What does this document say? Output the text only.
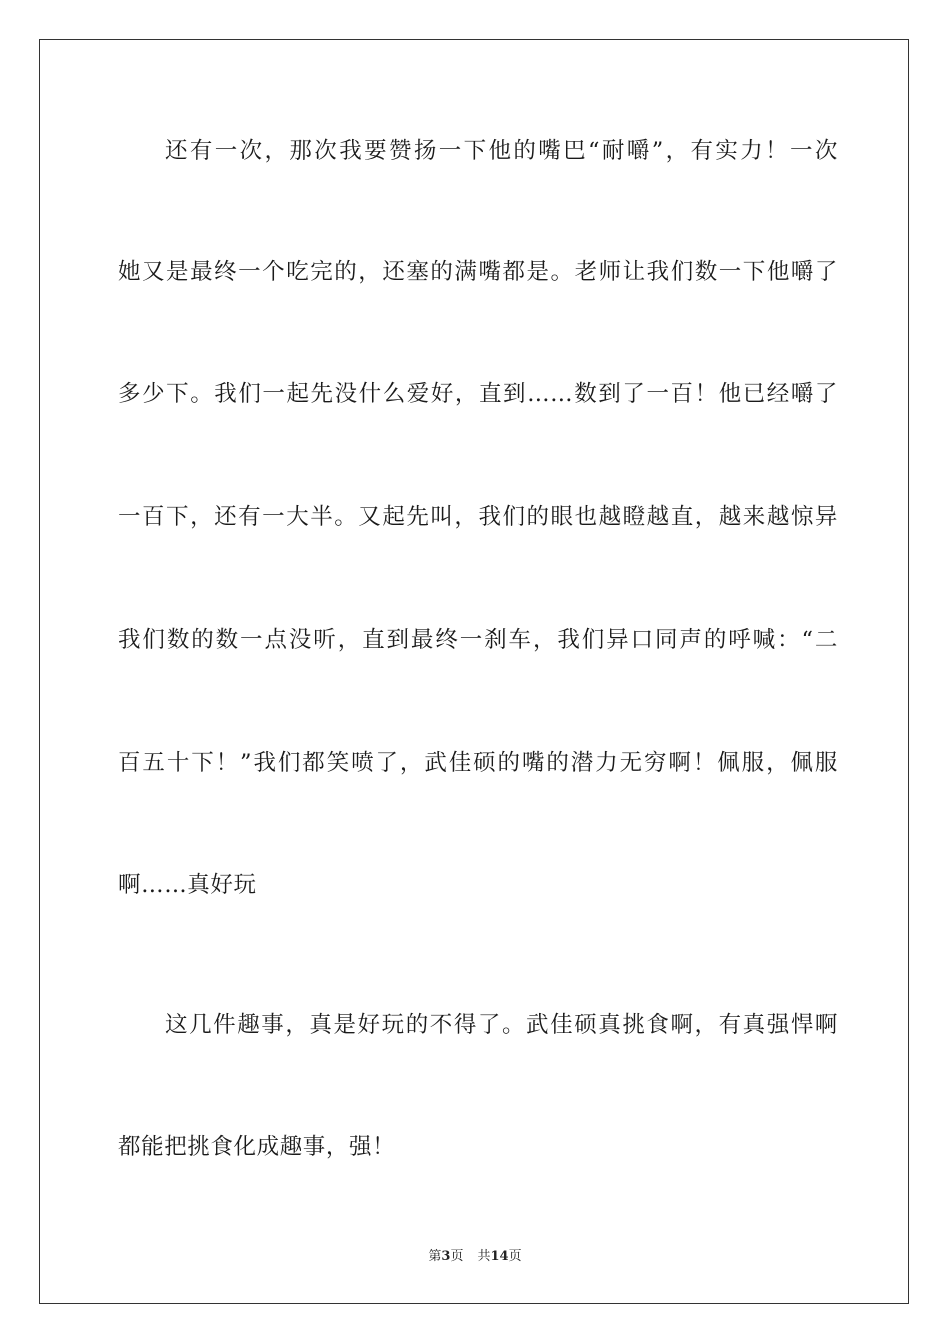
还有一次，那次我要赞扬一下他的嘴巴“耐嚼”，有实力！一次
她又是最终一个吃完的，还塞的满嘴都是。老师让我们数一下他嚼了
多少下。我们一起先没什么爱好，直到……数到了一百！他已经嚼了
一百下，还有一大半。又起先叫，我们的眼也越瞪越直，越来越惊异
我们数的数一点没听，直到最终一刹车，我们异口同声的呼喊：“二
百五十下！”我们都笑喷了，武佳硕的嘴的潜力无穷啊！佩服，佩服
啊……真好玩
这几件趣事，真是好玩的不得了。武佳硕真挑食啊，有真强悍啊
都能把挑食化成趣事，强！
第3页 共14页
